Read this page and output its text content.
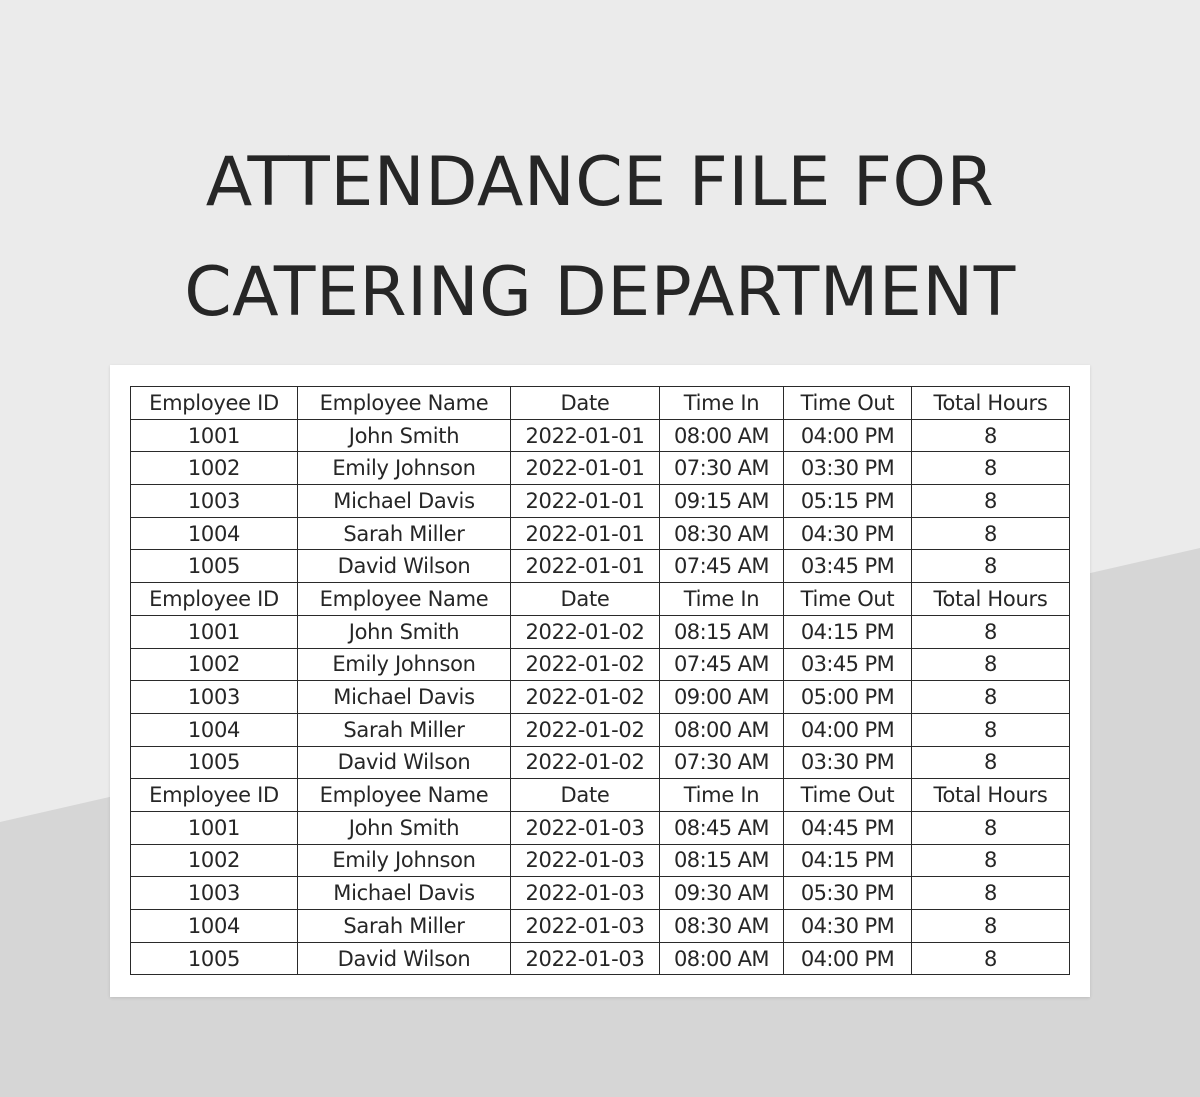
ATTENDANCE FILE FOR
CATERING DEPARTMENT
Employee ID	Employee Name	Date	Time In	Time Out	Total Hours
1001	John Smith	2022-01-01	08:00 AM	04:00 PM	8
1002	Emily Johnson	2022-01-01	07:30 AM	03:30 PM	8
1003	Michael Davis	2022-01-01	09:15 AM	05:15 PM	8
1004	Sarah Miller	2022-01-01	08:30 AM	04:30 PM	8
1005	David Wilson	2022-01-01	07:45 AM	03:45 PM	8
Employee ID	Employee Name	Date	Time In	Time Out	Total Hours
1001	John Smith	2022-01-02	08:15 AM	04:15 PM	8
1002	Emily Johnson	2022-01-02	07:45 AM	03:45 PM	8
1003	Michael Davis	2022-01-02	09:00 AM	05:00 PM	8
1004	Sarah Miller	2022-01-02	08:00 AM	04:00 PM	8
1005	David Wilson	2022-01-02	07:30 AM	03:30 PM	8
Employee ID	Employee Name	Date	Time In	Time Out	Total Hours
1001	John Smith	2022-01-03	08:45 AM	04:45 PM	8
1002	Emily Johnson	2022-01-03	08:15 AM	04:15 PM	8
1003	Michael Davis	2022-01-03	09:30 AM	05:30 PM	8
1004	Sarah Miller	2022-01-03	08:30 AM	04:30 PM	8
1005	David Wilson	2022-01-03	08:00 AM	04:00 PM	8
